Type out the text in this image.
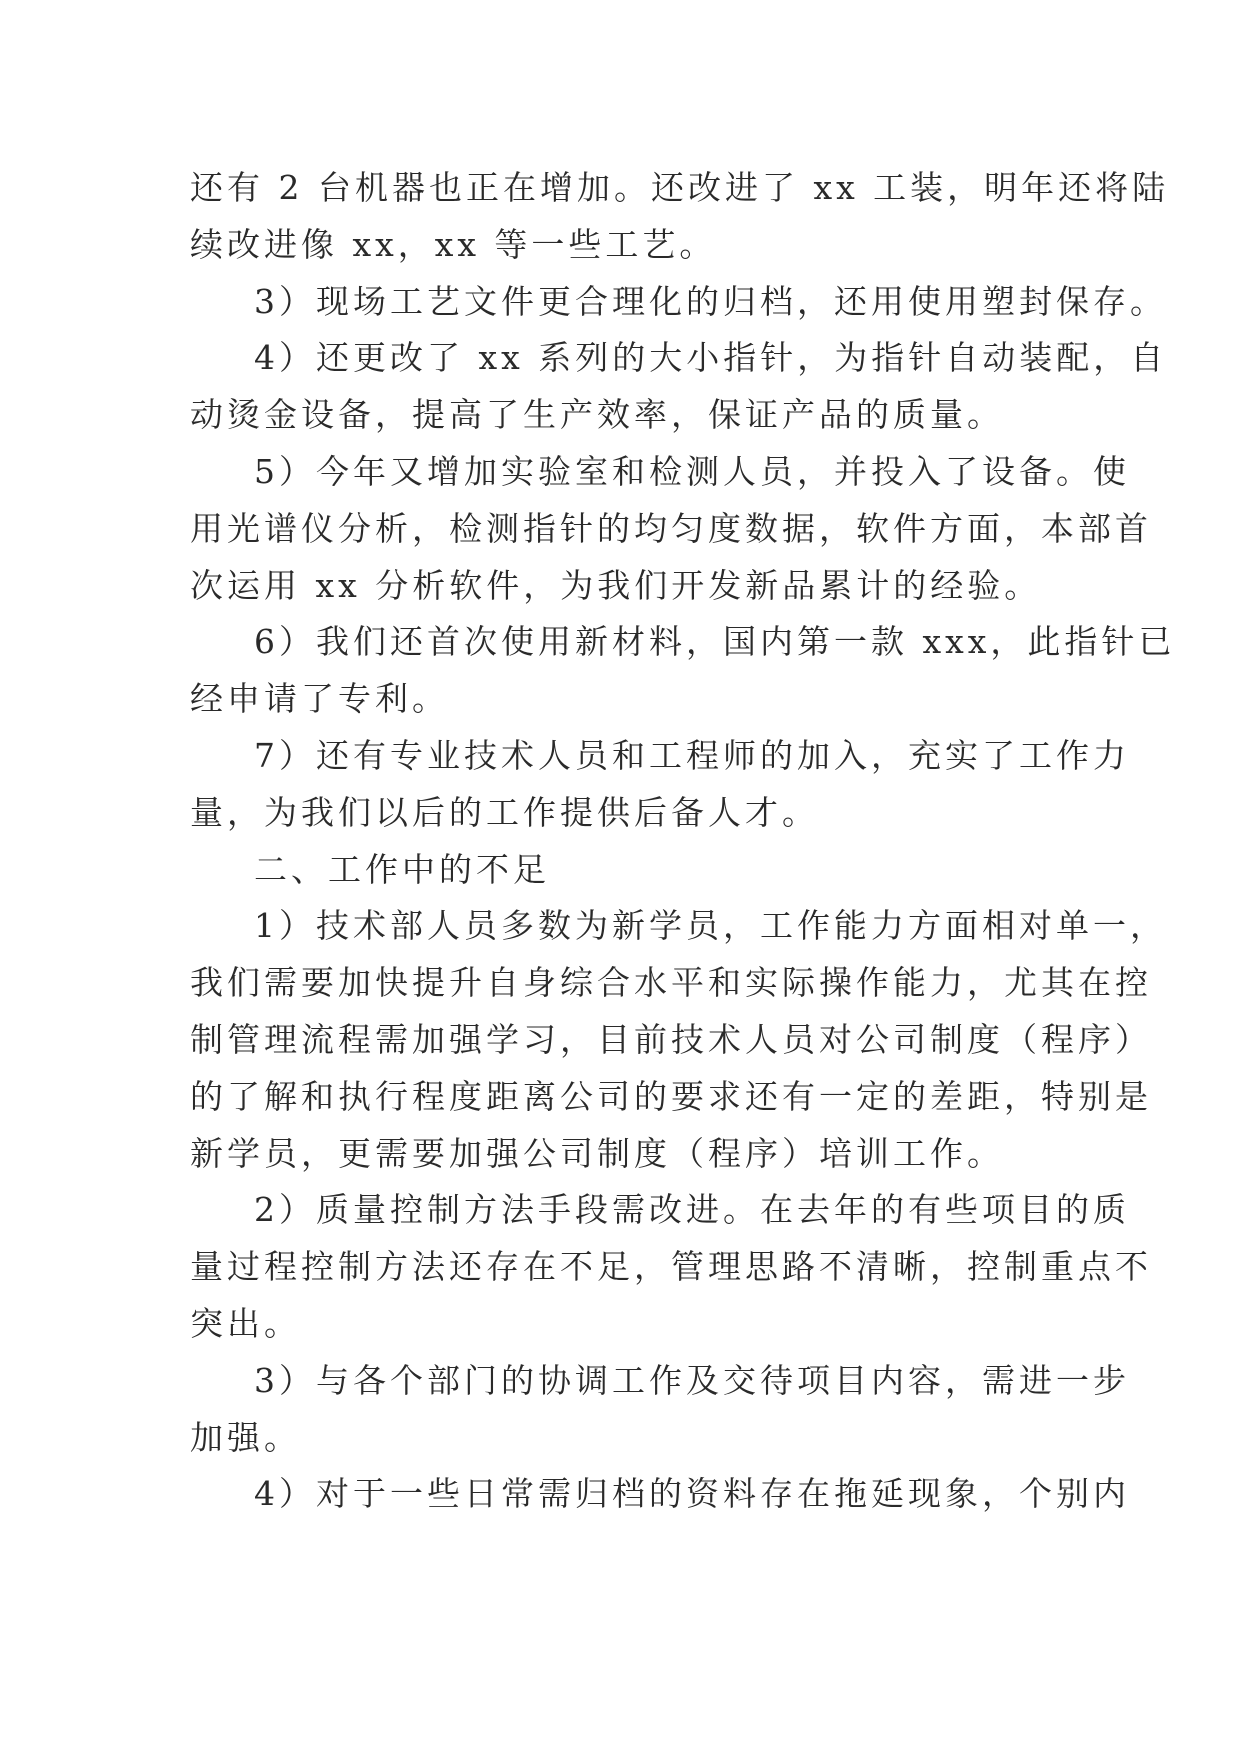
还有 2 台机器也正在增加。还改进了 xx 工装，明年还将陆
续改进像 xx，xx 等一些工艺。
3）现场工艺文件更合理化的归档，还用使用塑封保存。
4）还更改了 xx 系列的大小指针，为指针自动装配，自
动烫金设备，提高了生产效率，保证产品的质量。
5）今年又增加实验室和检测人员，并投入了设备。使
用光谱仪分析，检测指针的均匀度数据，软件方面，本部首
次运用 xx 分析软件，为我们开发新品累计的经验。
6）我们还首次使用新材料，国内第一款 xxx，此指针已
经申请了专利。
7）还有专业技术人员和工程师的加入，充实了工作力
量，为我们以后的工作提供后备人才。
二、工作中的不足
1）技术部人员多数为新学员，工作能力方面相对单一，
我们需要加快提升自身综合水平和实际操作能力，尤其在控
制管理流程需加强学习，目前技术人员对公司制度（程序）
的了解和执行程度距离公司的要求还有一定的差距，特别是
新学员，更需要加强公司制度（程序）培训工作。
2）质量控制方法手段需改进。在去年的有些项目的质
量过程控制方法还存在不足，管理思路不清晰，控制重点不
突出。
3）与各个部门的协调工作及交待项目内容，需进一步
加强。
4）对于一些日常需归档的资料存在拖延现象，个别内
